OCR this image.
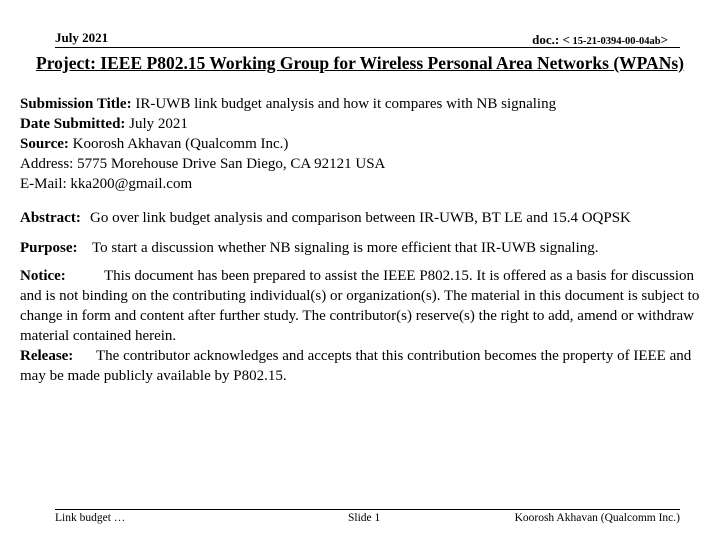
July 2021	doc.: < 15-21-0394-00-04ab>
Project: IEEE P802.15 Working Group for Wireless Personal Area Networks (WPANs)
Submission Title: IR-UWB link budget analysis and how it compares with NB signaling
Date Submitted: July 2021
Source: Koorosh Akhavan (Qualcomm Inc.)
Address: 5775 Morehouse Drive San Diego, CA 92121 USA
E-Mail: kka200@gmail.com
Abstract: Go over link budget analysis and comparison between IR-UWB, BT LE and 15.4 OQPSK
Purpose: To start a discussion whether NB signaling is more efficient that IR-UWB signaling.
Notice:	This document has been prepared to assist the IEEE P802.15. It is offered as a basis for discussion and is not binding on the contributing individual(s) or organization(s). The material in this document is subject to change in form and content after further study. The contributor(s) reserve(s) the right to add, amend or withdraw material contained herein.
Release: The contributor acknowledges and accepts that this contribution becomes the property of IEEE and may be made publicly available by P802.15.
Link budget …	Slide 1	Koorosh Akhavan (Qualcomm Inc.)
